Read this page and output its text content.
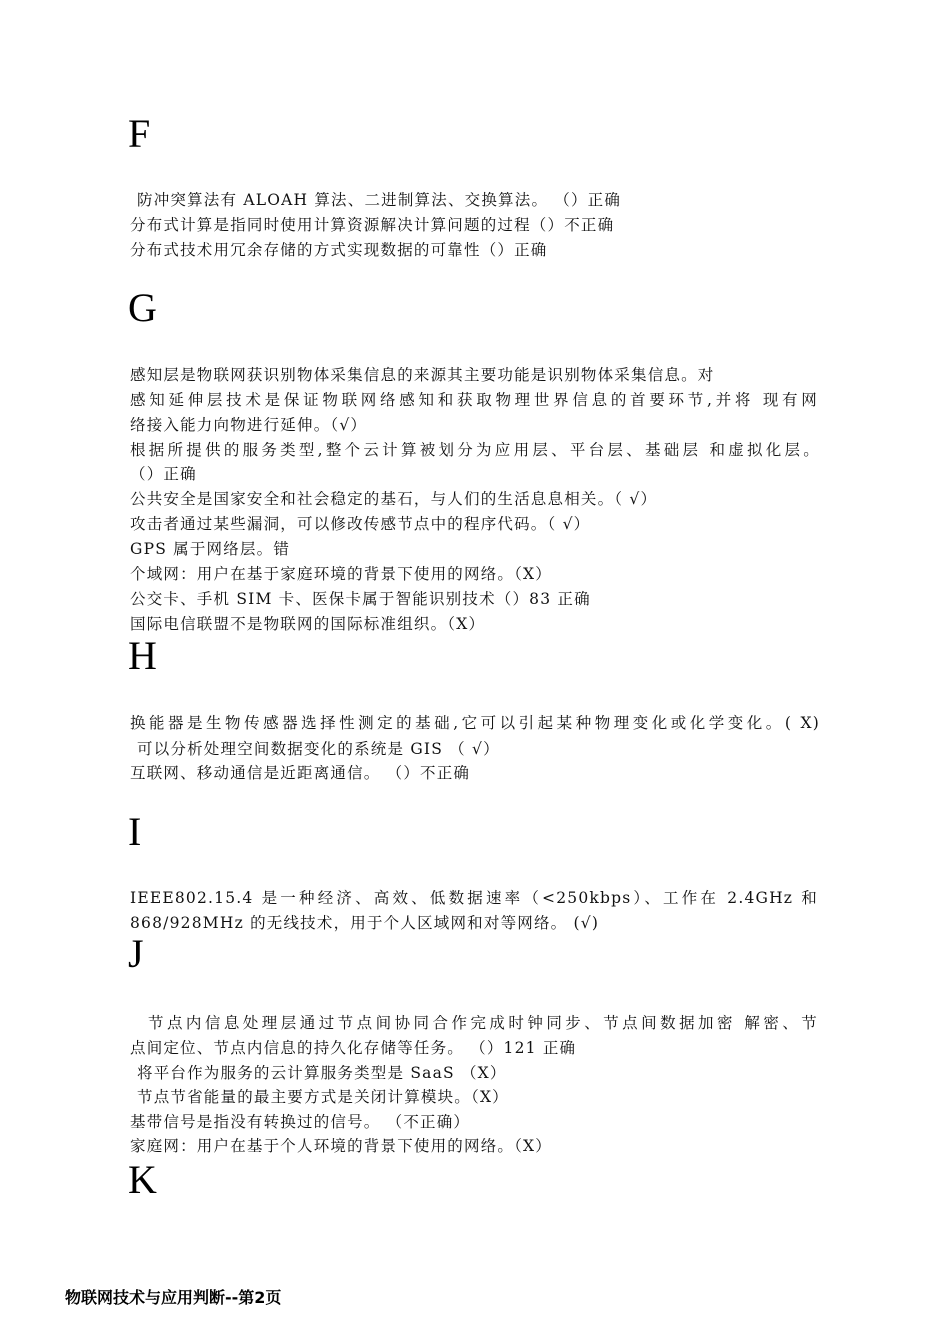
F
防冲突算法有 ALOAH 算法、二进制算法、交换算法。 （）正确
分布式计算是指同时使用计算资源解决计算问题的过程（）不正确
分布式技术用冗余存储的方式实现数据的可靠性（）正确
G
感知层是物联网获识别物体采集信息的来源其主要功能是识别物体采集信息。对
感知延伸层技术是保证物联网络感知和获取物理世界信息的首要环节,并将 现有网
络接入能力向物进行延伸。（√）
根据所提供的服务类型,整个云计算被划分为应用层、平台层、基础层 和虚拟化层。
（）正确
公共安全是国家安全和社会稳定的基石，与人们的生活息息相关。（ √）
攻击者通过某些漏洞，可以修改传感节点中的程序代码。（ √）
GPS 属于网络层。错
个域网：用户在基于家庭环境的背景下使用的网络。（X）
公交卡、手机 SIM 卡、医保卡属于智能识别技术（）83 正确
国际电信联盟不是物联网的国际标准组织。（X）
H
换能器是生物传感器选择性测定的基础,它可以引起某种物理变化或化学变化。( X)
可以分析处理空间数据变化的系统是 GIS （ √）
互联网、移动通信是近距离通信。 （）不正确
I
IEEE802.15.4 是一种经济、高效、低数据速率（<250kbps）、工作在 2.4GHz 和
868/928MHz 的无线技术，用于个人区域网和对等网络。 (√)
J
节点内信息处理层通过节点间协同合作完成时钟同步、节点间数据加密 解密、节
点间定位、节点内信息的持久化存储等任务。 （）121 正确
将平台作为服务的云计算服务类型是 SaaS （X）
节点节省能量的最主要方式是关闭计算模块。（X）
基带信号是指没有转换过的信号。 （不正确）
家庭网：用户在基于个人环境的背景下使用的网络。（X）
K
物联网技术与应用判断--第2页
